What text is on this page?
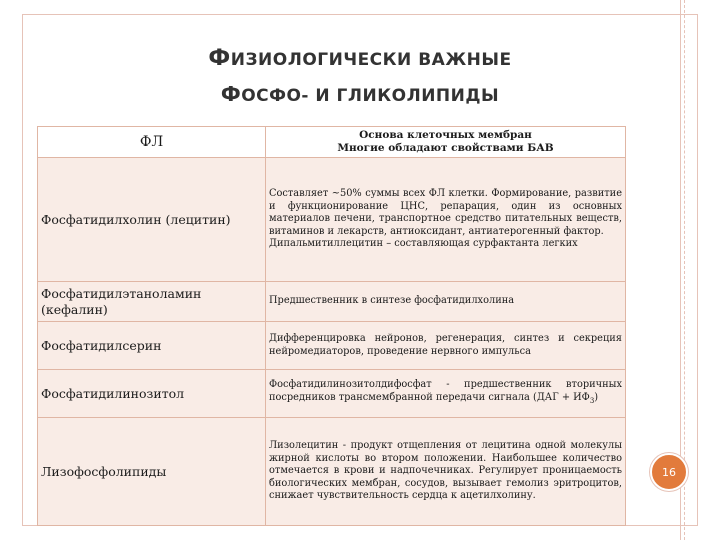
ФИЗИОЛОГИЧЕСКИ ВАЖНЫЕ
ФОСФО- И ГЛИКОЛИПИДЫ
ФЛ	Основа клеточных мембран
Многие обладают свойствами БАВ

Фосфатидилхолин (лецитин)	Составляет ~50% суммы всех ФЛ клетки. Формирование, развитие и функционирование ЦНС, репарация, один из основных материалов печени, транспортное средство питательных веществ, витаминов и лекарств, антиоксидант, антиатерогенный фактор.
Дипальмитиллецитин – составляющая сурфактанта легких

Фосфатидилэтаноламин (кефалин)	Предшественник в синтезе фосфатидилхолина
Фосфатидилсерин	Дифференцировка нейронов, регенерация, синтез и секреция нейромедиаторов, проведение нервного импульса
Фосфатидилинозитол	Фосфатидилинозитолдифосфат - предшественник вторичных посредников трансмембранной передачи сигнала $(ДАГ + ИФ_3)$
Лизофосфолипиды	Лизолецитин - продукт отщепления от лецитина одной молекулы жирной кислоты во втором положении. Наибольшее количество отмечается в крови и надпочечниках. Регулирует проницаемость биологических мембран, сосудов, вызывает гемолиз эритроцитов, снижает чувствительность сердца к ацетилхолину.
16
